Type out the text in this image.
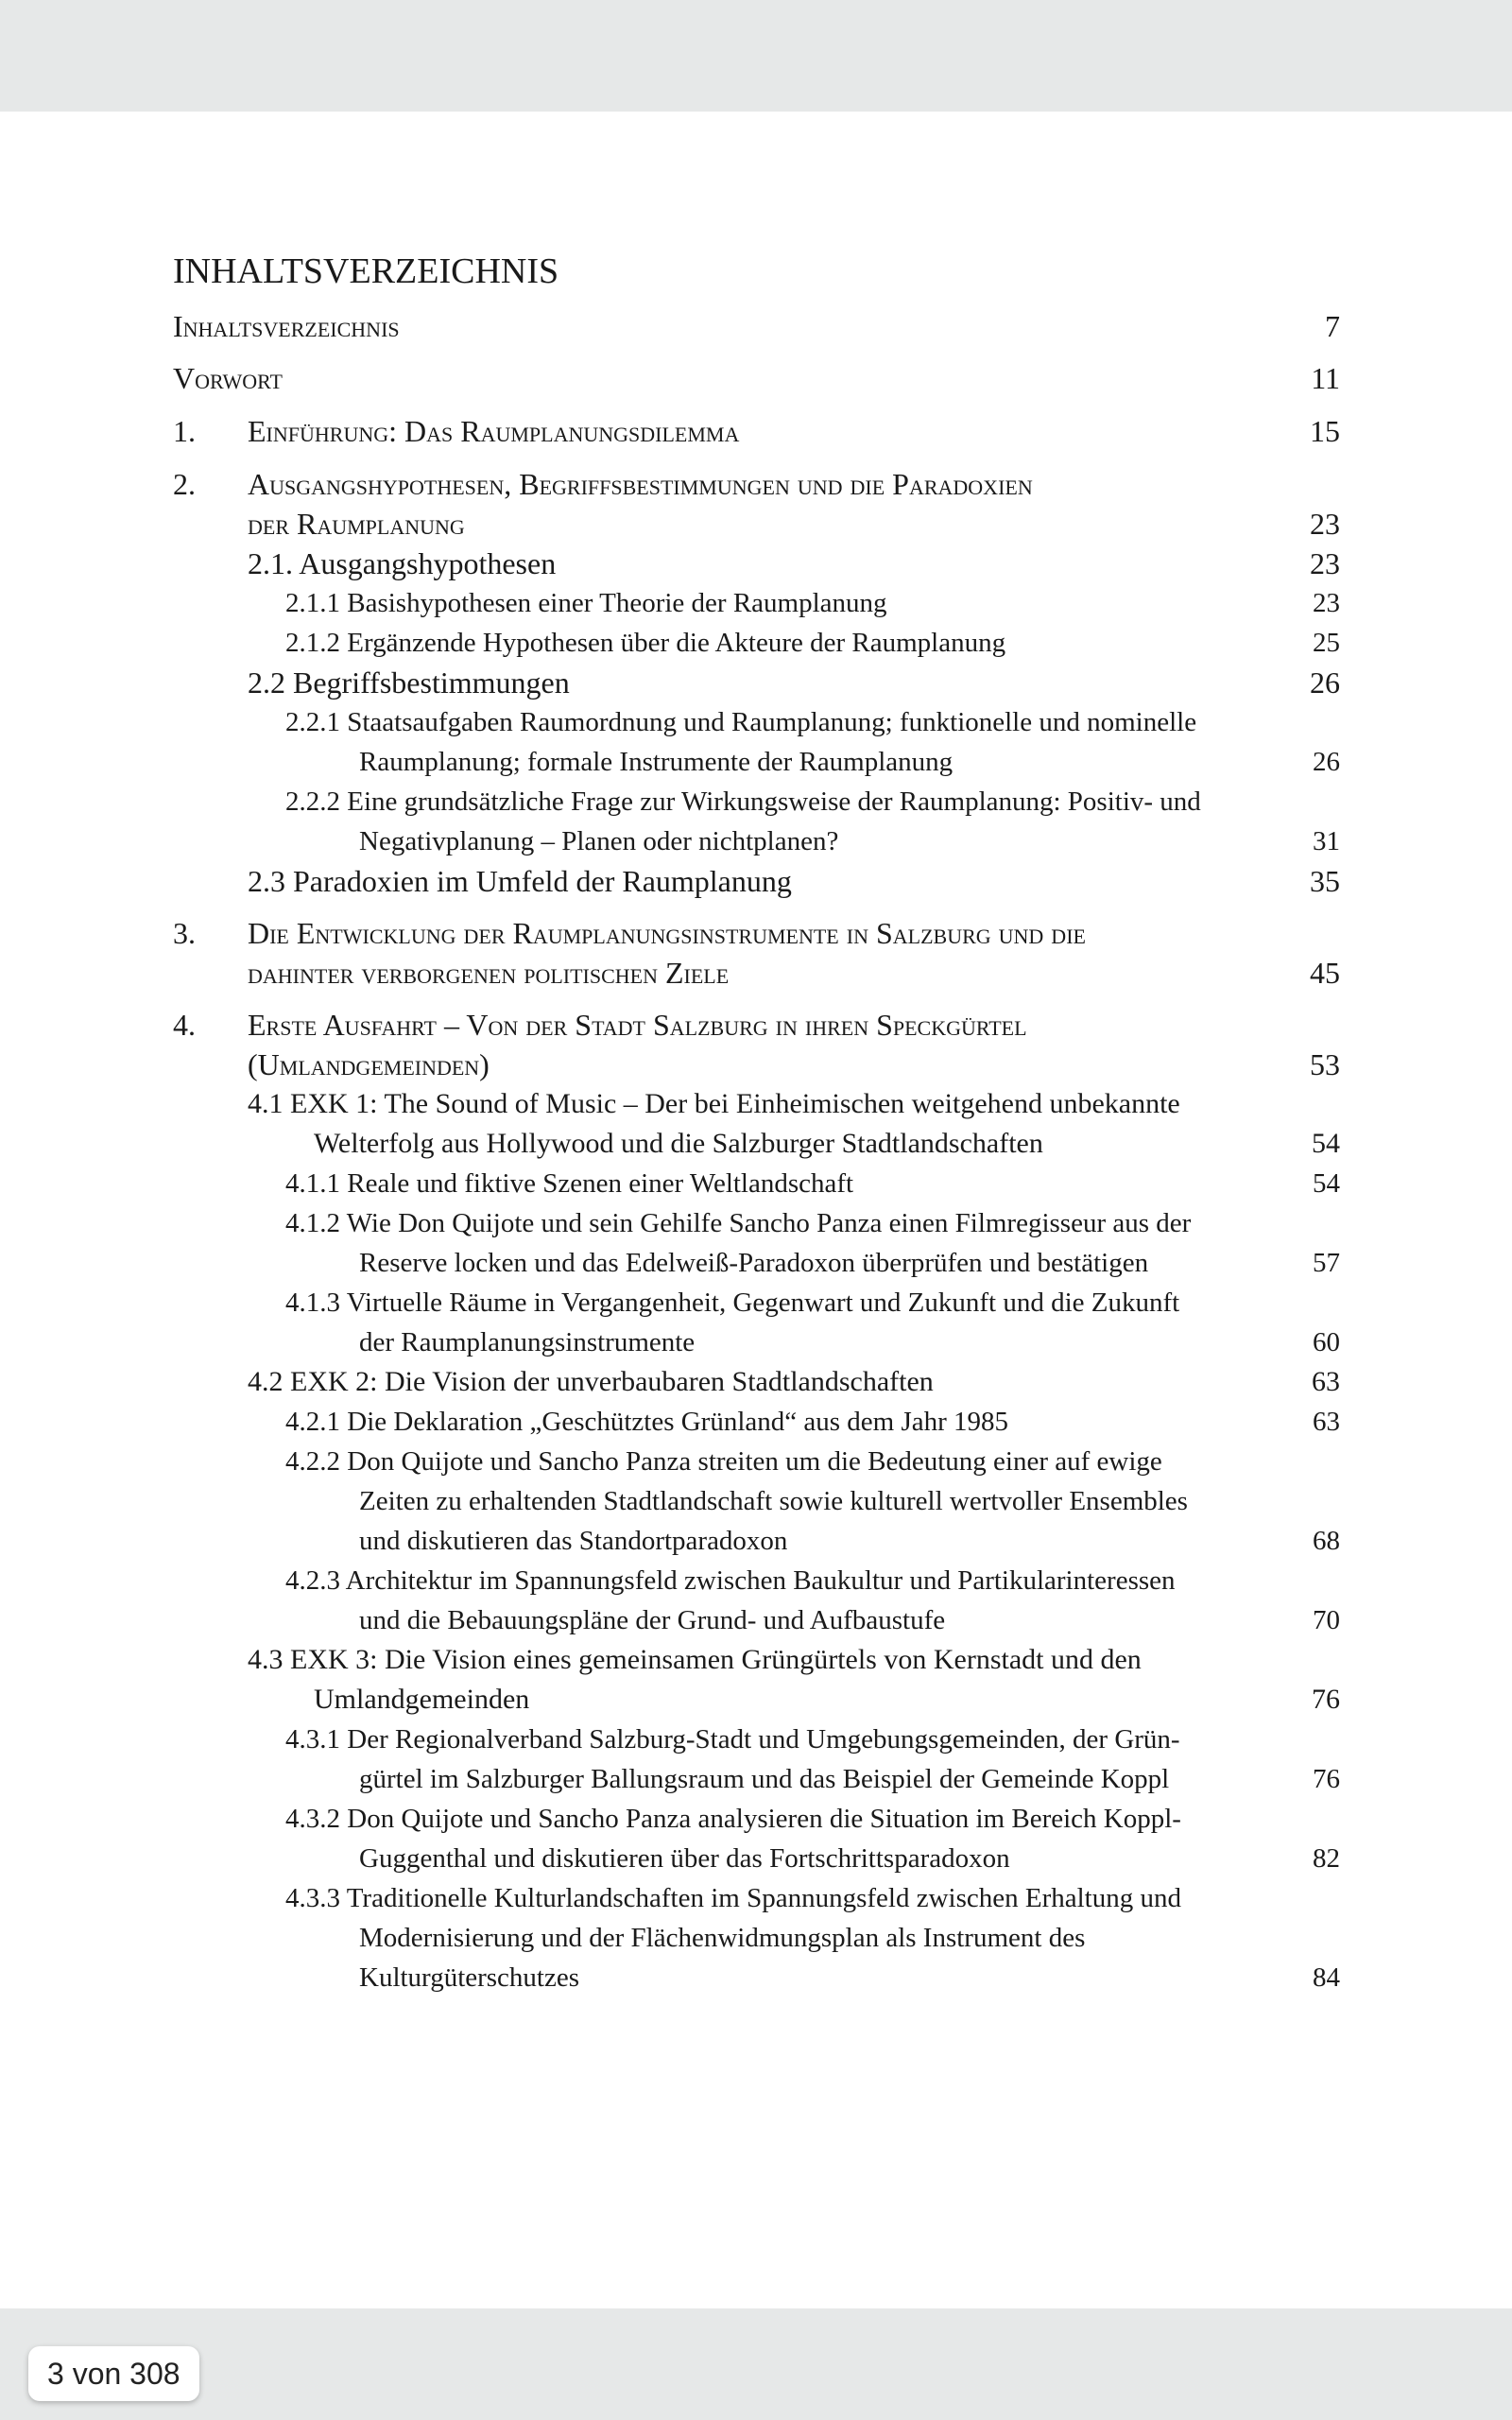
INHALTSVERZEICHNIS
Inhaltsverzeichnis	7
Vorwort	11
1. Einführung: Das Raumplanungsdilemma	15
2. Ausgangshypothesen, Begriffsbestimmungen und die Paradoxien
der Raumplanung	23
2.1. Ausgangshypothesen	23
2.1.1 Basishypothesen einer Theorie der Raumplanung	23
2.1.2 Ergänzende Hypothesen über die Akteure der Raumplanung	25
2.2 Begriffsbestimmungen	26
2.2.1 Staatsaufgaben Raumordnung und Raumplanung; funktionelle und nominelle
Raumplanung; formale Instrumente der Raumplanung	26
2.2.2 Eine grundsätzliche Frage zur Wirkungsweise der Raumplanung: Positiv- und
Negativplanung – Planen oder nichtplanen?	31
2.3 Paradoxien im Umfeld der Raumplanung	35
3. Die Entwicklung der Raumplanungsinstrumente in Salzburg und die
dahinter verborgenen politischen Ziele	45
4. Erste Ausfahrt – Von der Stadt Salzburg in ihren Speckgürtel
(Umlandgemeinden)	53
4.1 EXK 1: The Sound of Music – Der bei Einheimischen weitgehend unbekannte
Welterfolg aus Hollywood und die Salzburger Stadtlandschaften	54
4.1.1 Reale und fiktive Szenen einer Weltlandschaft	54
4.1.2 Wie Don Quijote und sein Gehilfe Sancho Panza einen Filmregisseur aus der
Reserve locken und das Edelweiß-Paradoxon überprüfen und bestätigen	57
4.1.3 Virtuelle Räume in Vergangenheit, Gegenwart und Zukunft und die Zukunft
der Raumplanungsinstrumente	60
4.2 EXK 2: Die Vision der unverbaubaren Stadtlandschaften	63
4.2.1 Die Deklaration „Geschütztes Grünland“ aus dem Jahr 1985	63
4.2.2 Don Quijote und Sancho Panza streiten um die Bedeutung einer auf ewige
Zeiten zu erhaltenden Stadtlandschaft sowie kulturell wertvoller Ensembles
und diskutieren das Standortparadoxon	68
4.2.3 Architektur im Spannungsfeld zwischen Baukultur und Partikularinteressen
und die Bebauungspläne der Grund- und Aufbaustufe	70
4.3 EXK 3: Die Vision eines gemeinsamen Grüngürtels von Kernstadt und den
Umlandgemeinden	76
4.3.1 Der Regionalverband Salzburg-Stadt und Umgebungsgemeinden, der Grün-
gürtel im Salzburger Ballungsraum und das Beispiel der Gemeinde Koppl	76
4.3.2 Don Quijote und Sancho Panza analysieren die Situation im Bereich Koppl-
Guggenthal und diskutieren über das Fortschrittsparadoxon	82
4.3.3 Traditionelle Kulturlandschaften im Spannungsfeld zwischen Erhaltung und
Modernisierung und der Flächenwidmungsplan als Instrument des
Kulturgüterschutzes	84
3 von 308
